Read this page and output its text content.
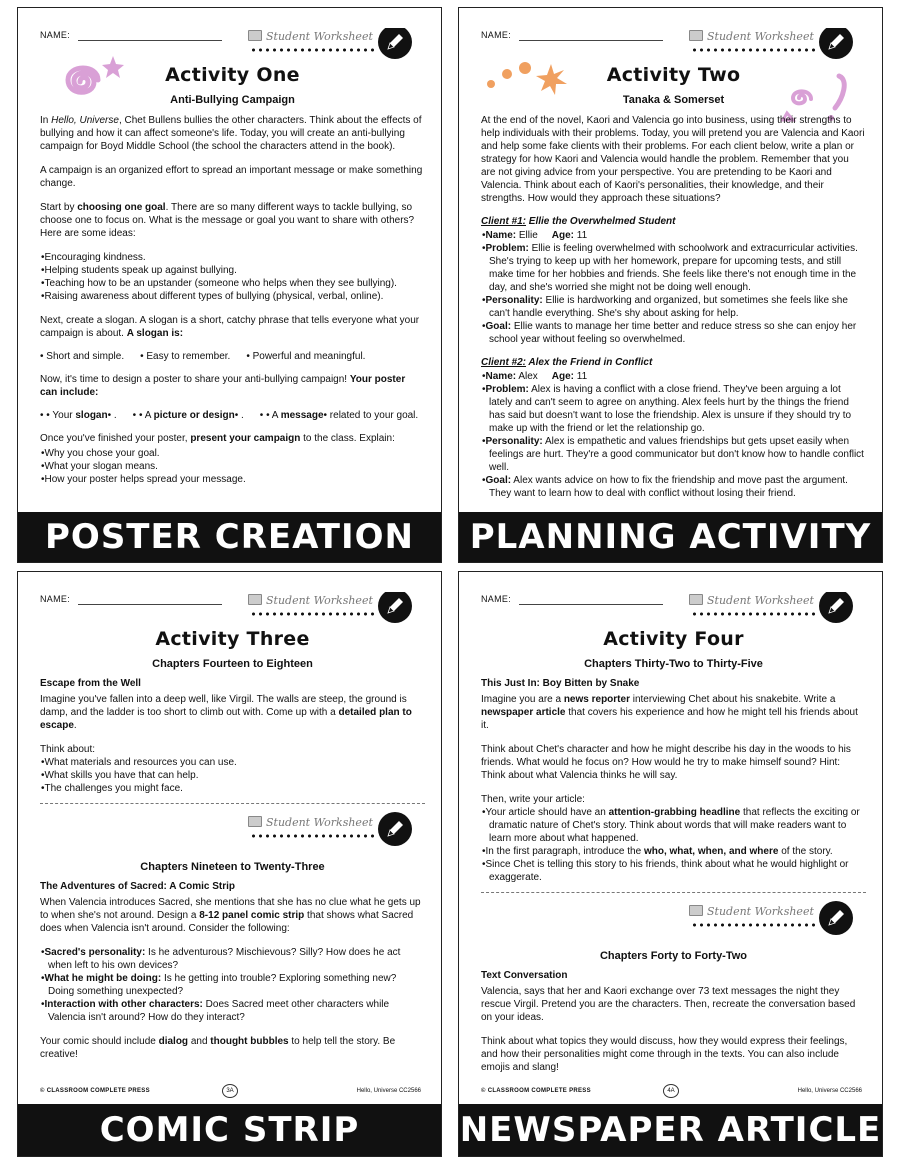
NAME:	Student Worksheet
Activity One
Anti-Bullying Campaign

In Hello, Universe, Chet Bullens bullies the other characters. Think about the effects of bullying and how it can affect someone's life. Today, you will create an anti-bullying campaign for Boyd Middle School (the school the characters attend in the book).

A campaign is an organized effort to spread an important message or make something change.

Start by choosing one goal. There are so many different ways to tackle bullying, so choose one to focus on. What is the message or goal you want to share with others? Here are some ideas:

• Encouraging kindness.
• Helping students speak up against bullying.
• Teaching how to be an upstander (someone who helps when they see bullying).
• Raising awareness about different types of bullying (physical, verbal, online).

Next, create a slogan. A slogan is a short, catchy phrase that tells everyone what your campaign is about. A slogan is:

• Short and simple.	• Easy to remember.	• Powerful and meaningful.

Now, it's time to design a poster to share your anti-bullying campaign! Your poster can include:

• • Your slogan • .	• • A picture or design • .	• • A message• related to your goal.

Once you've finished your poster, present your campaign to the class. Explain:

• Why you chose your goal.
• What your slogan means.
• How your poster helps spread your message.
POSTER CREATION
NAME:	Student Worksheet
Activity Two
Tanaka & Somerset

At the end of the novel, Kaori and Valencia go into business, using their strengths to help individuals with their problems. Today, you will pretend you are Valencia and Kaori and help some fake clients with their problems. For each client below, write a plan or strategy for how Kaori and Valencia would handle the problem. Remember that you are not giving advice from your perspective. You are pretending to be Kaori and Valencia. Think about each of Kaori's personalities, their knowledge, and their strengths. How would they approach these situations?

Client #1: Ellie the Overwhelmed Student
• Name: Ellie Age: 11
• Problem: Ellie is feeling overwhelmed with schoolwork and extracurricular activities. She's trying to keep up with her homework, prepare for upcoming tests, and still make time for her hobbies and friends. She feels like there's not enough time in the day, and she's worried she might not be doing well enough.
• Personality: Ellie is hardworking and organized, but sometimes she feels like she can't handle everything. She's shy about asking for help.
• Goal: Ellie wants to manage her time better and reduce stress so she can enjoy her school year without feeling so overwhelmed.
Client #2: Alex the Friend in Conflict
• Name: Alex Age: 11
• Problem: Alex is having a conflict with a close friend. They've been arguing a lot lately and can't seem to agree on anything. Alex feels hurt by the things the friend has said but doesn't want to lose the friendship. Alex is unsure if they should try to make up with the friend or let the relationship go.
• Personality: Alex is empathetic and values friendships but gets upset easily when feelings are hurt. They're a good communicator but don't know how to handle conflict well.
• Goal: Alex wants advice on how to fix the friendship and move past the argument. They want to learn how to deal with conflict without losing their friend.
PLANNING ACTIVITY
NAME:	Student Worksheet
Activity Three
Chapters Fourteen to Eighteen
Escape from the Well

Imagine you've fallen into a deep well, like Virgil. The walls are steep, the ground is damp, and the ladder is too short to climb out with. Come up with a detailed plan to escape.

Think about:

• What materials and resources you can use.
• What skills you have that can help.
• The challenges you might face.
Student Worksheet
Chapters Nineteen to Twenty-Three
The Adventures of Sacred: A Comic Strip

When Valencia introduces Sacred, she mentions that she has no clue what he gets up to when she's not around. Design a 8-12 panel comic strip that shows what Sacred does when Valencia isn't around. Consider the following:

• Sacred's personality: Is he adventurous? Mischievous? Silly? How does he act when left to his own devices?
• What he might be doing: Is he getting into trouble? Exploring something new? Doing something unexpected?
• Interaction with other characters: Does Sacred meet other characters while Valencia isn't around? How do they interact?

Your comic should include dialog and thought bubbles to help tell the story. Be creative!

© CLASSROOM COMPLETE PRESS	3A	Hello, Universe CC2566
COMIC STRIP
NAME:	Student Worksheet
Activity Four
Chapters Thirty-Two to Thirty-Five
This Just In: Boy Bitten by Snake

Imagine you are a news reporter interviewing Chet about his snakebite. Write a newspaper article that covers his experience and how he might tell his friends about it.

Think about Chet's character and how he might describe his day in the woods to his friends. What would he focus on? How would he try to make himself sound? Hint: Think about what Valencia thinks he will say.

Then, write your article:

• Your article should have an attention-grabbing headline that reflects the exciting or dramatic nature of Chet's story. Think about words that will make readers want to learn more about what happened.
• In the first paragraph, introduce the who, what, when, and where of the story.
• Since Chet is telling this story to his friends, think about what he would highlight or exaggerate.
Student Worksheet
Chapters Forty to Forty-Two
Text Conversation

Valencia, says that her and Kaori exchange over 73 text messages the night they rescue Virgil. Pretend you are the characters. Then, recreate the conversation based on your ideas.

Think about what topics they would discuss, how they would express their feelings, and how their personalities might come through in the texts. You can also include emojis and slang!

© CLASSROOM COMPLETE PRESS	4A	Hello, Universe CC2566
NEWSPAPER ARTICLE
